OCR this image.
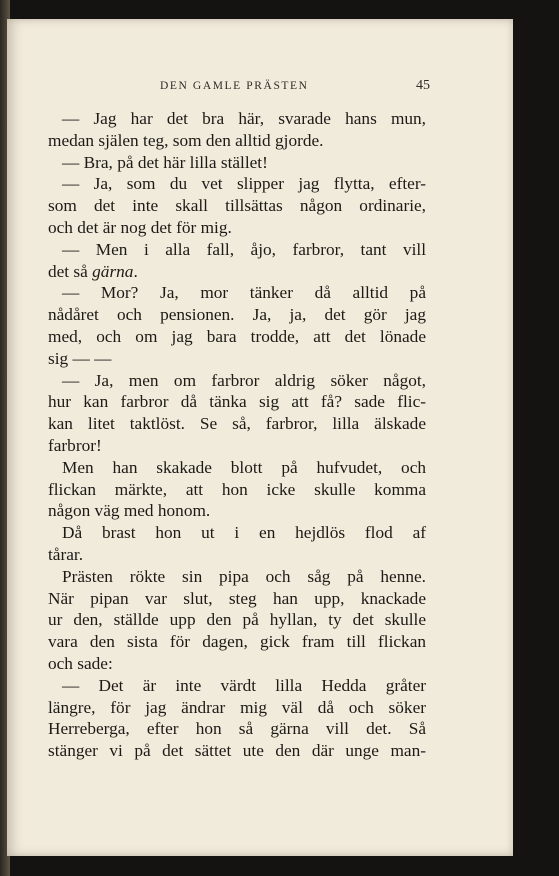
DEN GAMLE PRÄSTEN	45
— Jag har det bra här, svarade hans mun,
medan själen teg, som den alltid gjorde.
— Bra, på det här lilla stället!
— Ja, som du vet slipper jag flytta, efter-
som det inte skall tillsättas någon ordinarie,
och det är nog det för mig.
— Men i alla fall, åjo, farbror, tant vill
det så gärna.
— Mor? Ja, mor tänker då alltid på
nådåret och pensionen. Ja, ja, det gör jag
med, och om jag bara trodde, att det lönade
sig — —
— Ja, men om farbror aldrig söker något,
hur kan farbror då tänka sig att få? sade flic-
kan litet taktlöst. Se så, farbror, lilla älskade
farbror!
Men han skakade blott på hufvudet, och
flickan märkte, att hon icke skulle komma
någon väg med honom.
Då brast hon ut i en hejdlös flod af
tårar.
Prästen rökte sin pipa och såg på henne.
När pipan var slut, steg han upp, knackade
ur den, ställde upp den på hyllan, ty det skulle
vara den sista för dagen, gick fram till flickan
och sade:
— Det är inte värdt lilla Hedda gråter
längre, för jag ändrar mig väl då och söker
Herreberga, efter hon så gärna vill det. Så
stänger vi på det sättet ute den där unge man-
